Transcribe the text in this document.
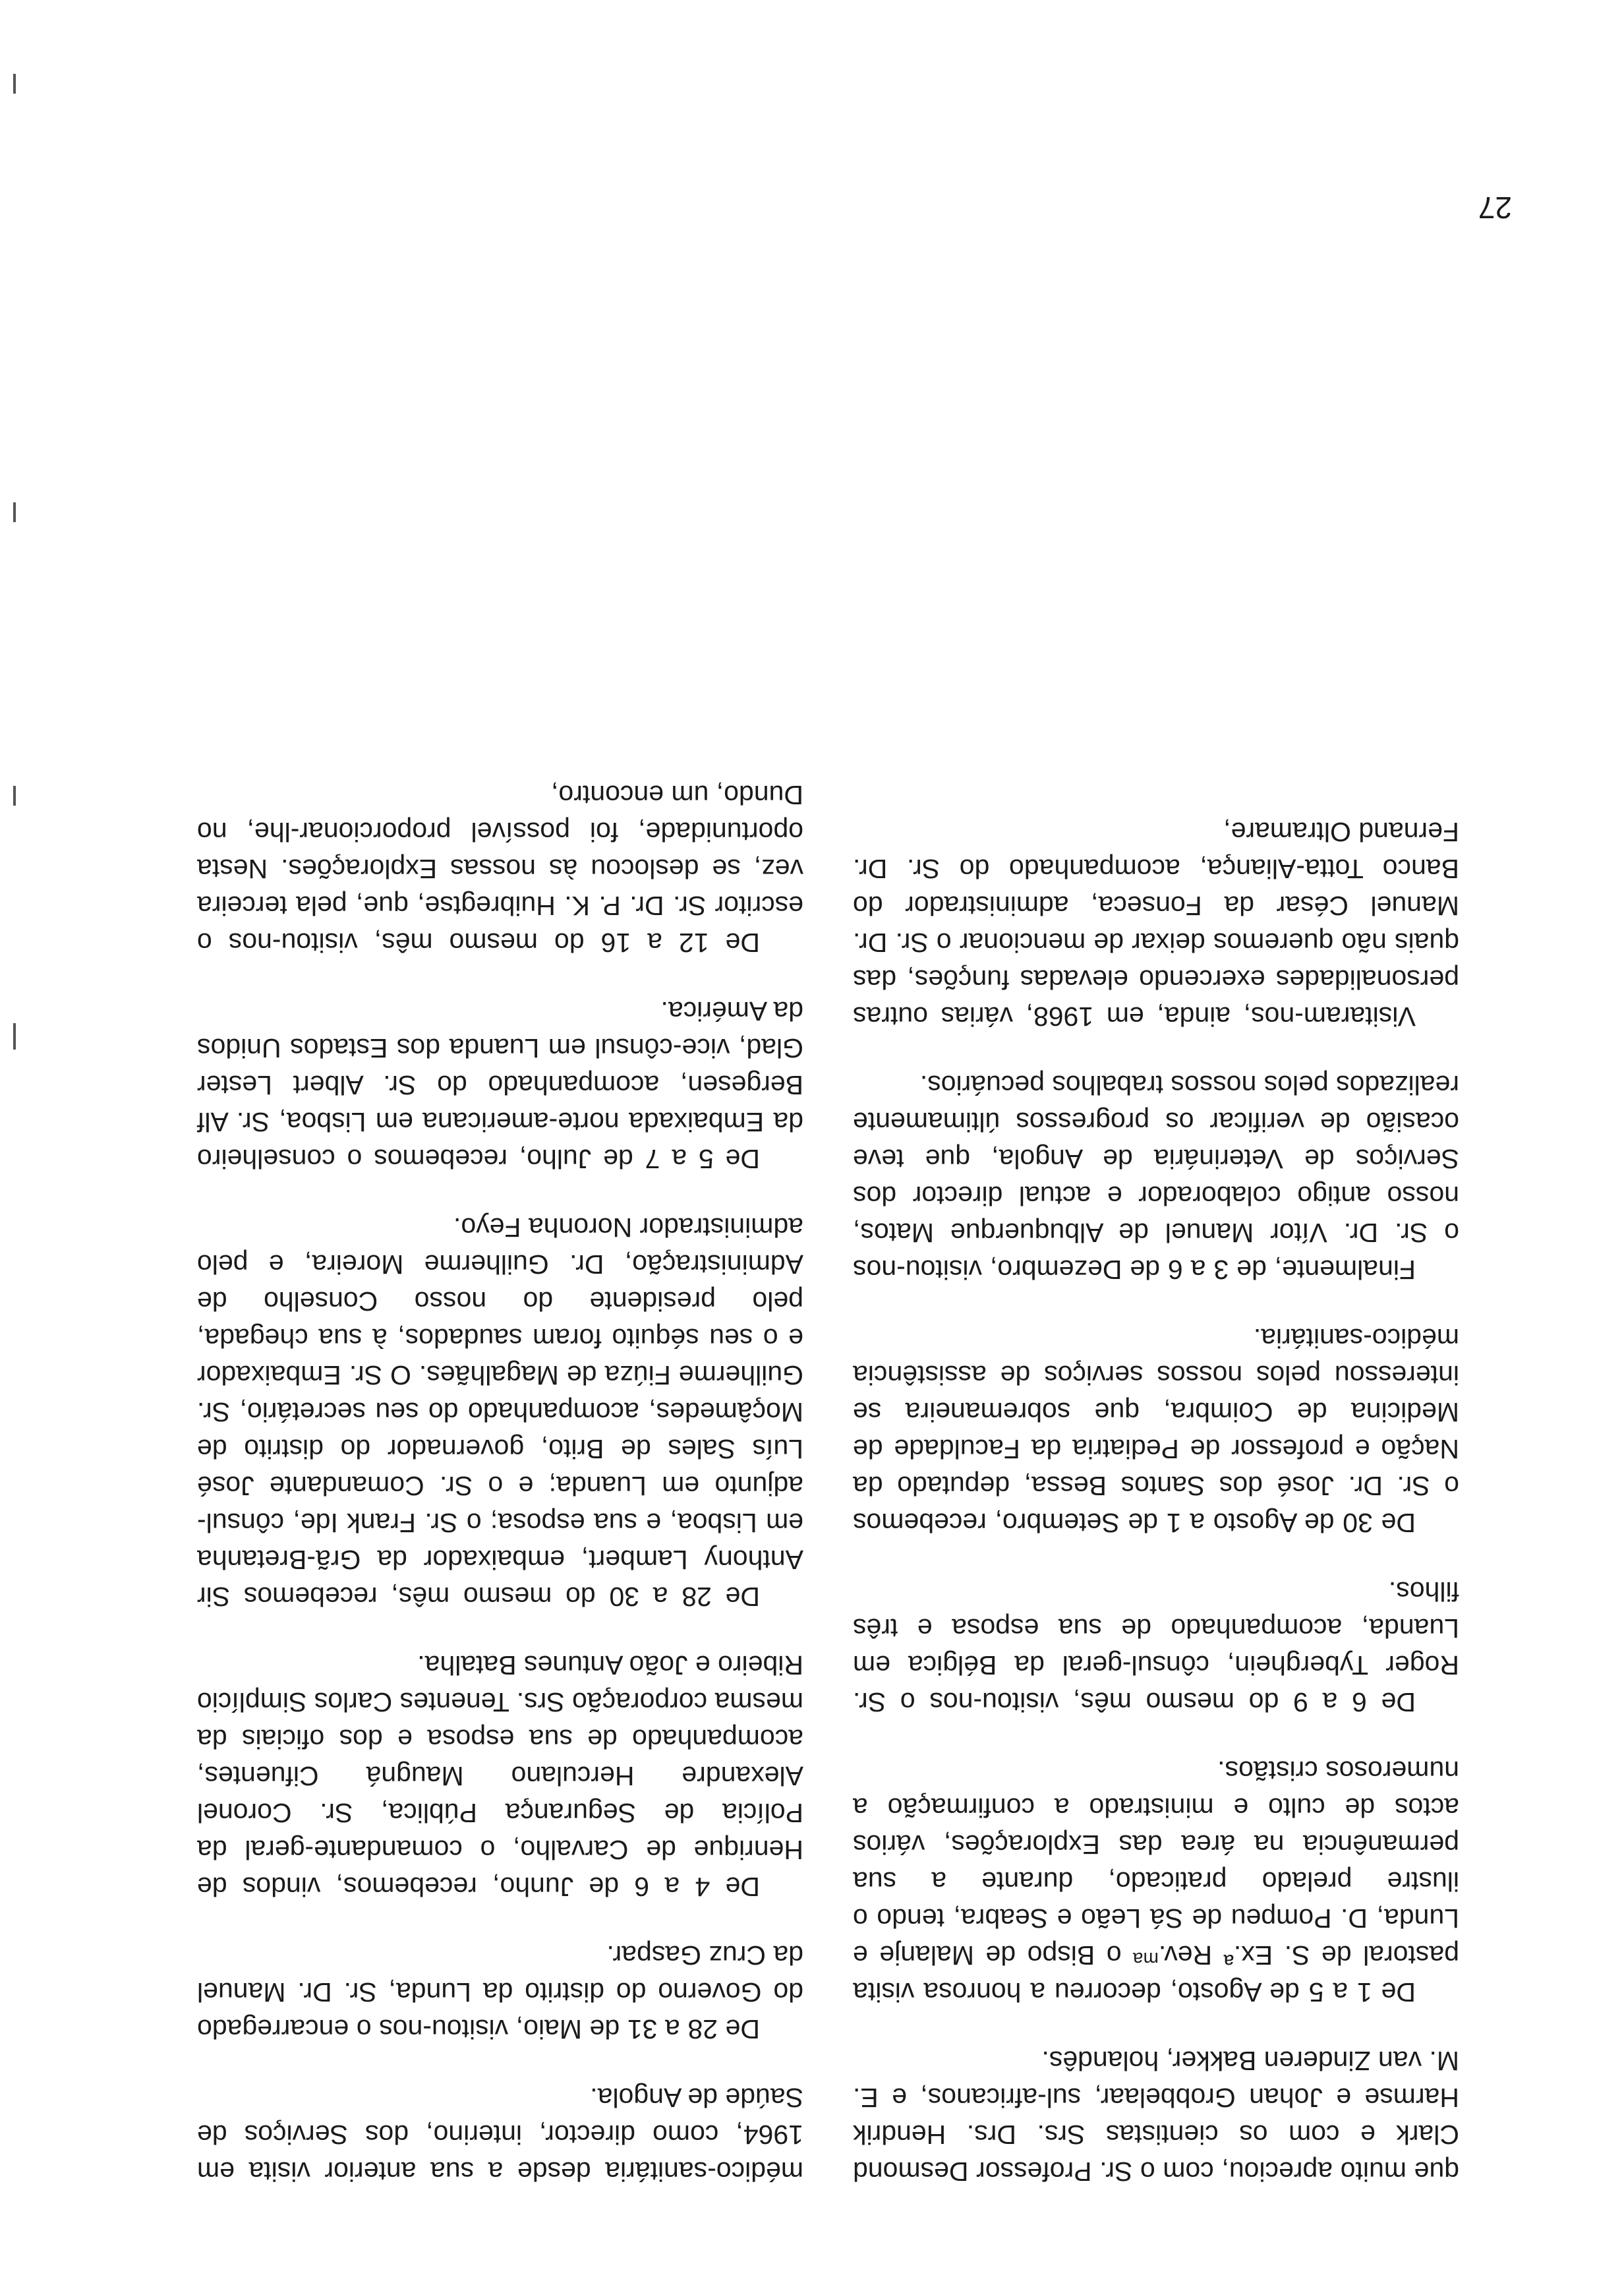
que muito apreciou, com o Sr. Professor Desmond Clark e com os cientistas Srs. Drs. Hendrik Harmse e Johan Grobbelaar, sul-africanos, e E. M. van Zinderen Bakker, holandês.

De 1 a 5 de Agosto, decorreu a honrosa visita pastoral de S. Ex.ª Rev.ᵐᵃ o Bispo de Malanje e Lunda, D. Pompeu de Sá Leão e Seabra, tendo o ilustre prelado praticado, durante a sua permanência na área das Explorações, vários actos de culto e ministrado a confirmação a numerosos cristãos.

De 6 a 9 do mesmo mês, visitou-nos o Sr. Roger Tyberghein, cônsul-geral da Bélgica em Luanda, acompanhado de sua esposa e três filhos.

De 30 de Agosto a 1 de Setembro, recebemos o Sr. Dr. José dos Santos Bessa, deputado da Nação e professor de Pediatria da Faculdade de Medicina de Coimbra, que sobremaneira se interessou pelos nossos serviços de assistência médico-sanitária.

Finalmente, de 3 a 6 de Dezembro, visitou-nos o Sr. Dr. Vítor Manuel de Albuquerque Matos, nosso antigo colaborador e actual director dos Serviços de Veterinária de Angola, que teve ocasião de verificar os progressos últimamente realizados pelos nossos trabalhos pecuários.

Visitaram-nos, ainda, em 1968, várias outras personalidades exercendo elevadas funções, das quais não queremos deixar de mencionar o Sr. Dr. Manuel César da Fonseca, administrador do Banco Totta-Aliança, acompanhado do Sr. Dr. Fernand Oltramare,

médico-sanitária desde a sua anterior visita em 1964, como director, interino, dos Serviços de Saúde de Angola.

De 28 a 31 de Maio, visitou-nos o encarregado do Governo do distrito da Lunda, Sr. Dr. Manuel da Cruz Gaspar.

De 4 a 6 de Junho, recebemos, vindos de Henrique de Carvalho, o comandante-geral da Polícia de Segurança Pública, Sr. Coronel Alexandre Herculano Maugná Cifuentes, acompanhado de sua esposa e dos oficiais da mesma corporação Srs. Tenentes Carlos Simplício Ribeiro e João Antunes Batalha.

De 28 a 30 do mesmo mês, recebemos Sir Anthony Lambert, embaixador da Grã-Bretanha em Lisboa, e sua esposa; o Sr. Frank Ide, cônsul-adjunto em Luanda; e o Sr. Comandante José Luís Sales de Brito, governador do distrito de Moçâmedes, acompanhado do seu secretário, Sr. Guilherme Fiúza de Magalhães. O Sr. Embaixador e o seu séquito foram saudados, à sua chegada, pelo presidente do nosso Conselho de Administração, Dr. Guilherme Moreira, e pelo administrador Noronha Feyo.

De 5 a 7 de Julho, recebemos o conselheiro da Embaixada norte-americana em Lisboa, Sr. Alf Bergesen, acompanhado do Sr. Albert Lester Glad, vice-cônsul em Luanda dos Estados Unidos da América.

De 12 a 16 do mesmo mês, visitou-nos o escritor Sr. Dr. P. K. Huibregtse, que, pela terceira vez, se deslocou às nossas Explorações. Nesta oportunidade, foi possível proporcionar-lhe, no Dundo, um encontro,

27
